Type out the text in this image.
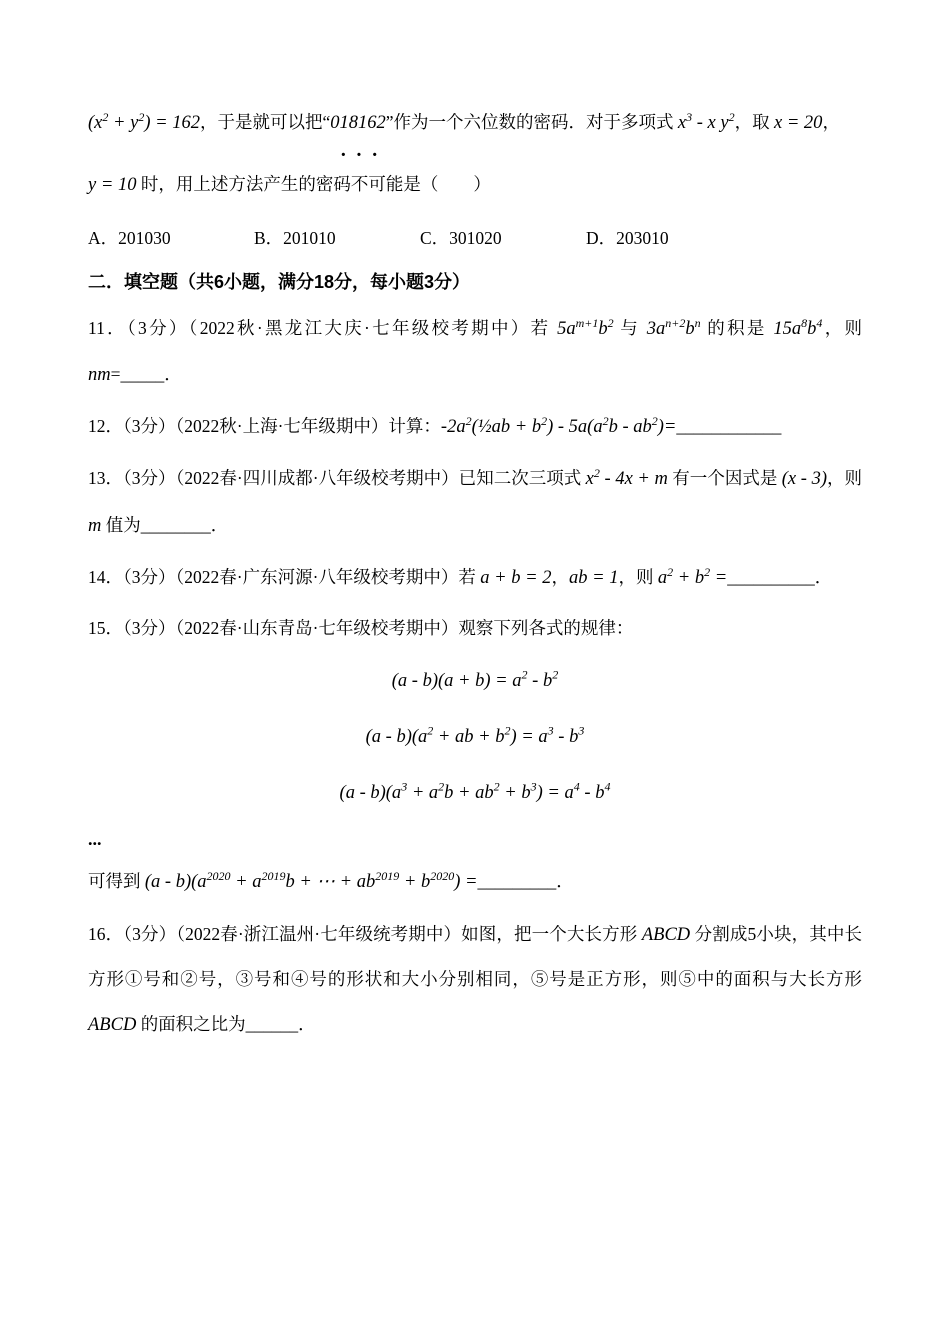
$(x^2 + y^2) = 162$，于是就可以把“018162”作为一个六位数的密码．对于多项式 $x^3$ - x $y^2$，取 x = 20，

···

y = 10 时，用上述方法产生的密码不可能是（　　）

A．201030	B．201010	C．301020	D．203010

二．填空题（共6小题，满分18分，每小题3分）

11．（3分）（2022秋·黑龙江大庆·七年级校考期中）若 $5a^{m+1}b^2$ 与 $3a^{n+2}b^n$ 的积是 $15a^8b^4$，则 nm=_____．

12．（3分）（2022秋·上海·七年级期中）计算：$-2a^2(\frac{1}{2}ab + b^2) - 5a(a^2b$ - $ab^2)=\_\_\_\_\_\_\_\_\_\_\_\_$

13．（3分）（2022春·四川成都·八年级校考期中）已知二次三项式 $x^2 - 4x + m$ 有一个因式是 (x - 3)，则 m 值为________．

14．（3分）（2022春·广东河源·八年级校考期中）若 a + b = 2，ab = 1，则 $a^2 + b^2$ =__________．

15．（3分）（2022春·山东青岛·七年级校考期中）观察下列各式的规律：

$(a - b)(a + b) = a^2 - b^2$

$(a - b)(a^2$ + ab + $b^2) = a^3 - b^3$

$(a - b)(a^3 + a^2b + ab^2 + b^3) = a^4 - b^4$

...

可得到 $(a - b)(a^{2020} + a^{2019}b$ + ⋯ + $ab^{2019} + b^{2020}$) =_________．

16．（3分）（2022春·浙江温州·七年级统考期中）如图，把一个大长方形 ABCD 分割成5小块，其中长方形①号和②号，③号和④号的形状和大小分别相同，⑤号是正方形，则⑤中的面积与大长方形 ABCD 的面积之比为______．
